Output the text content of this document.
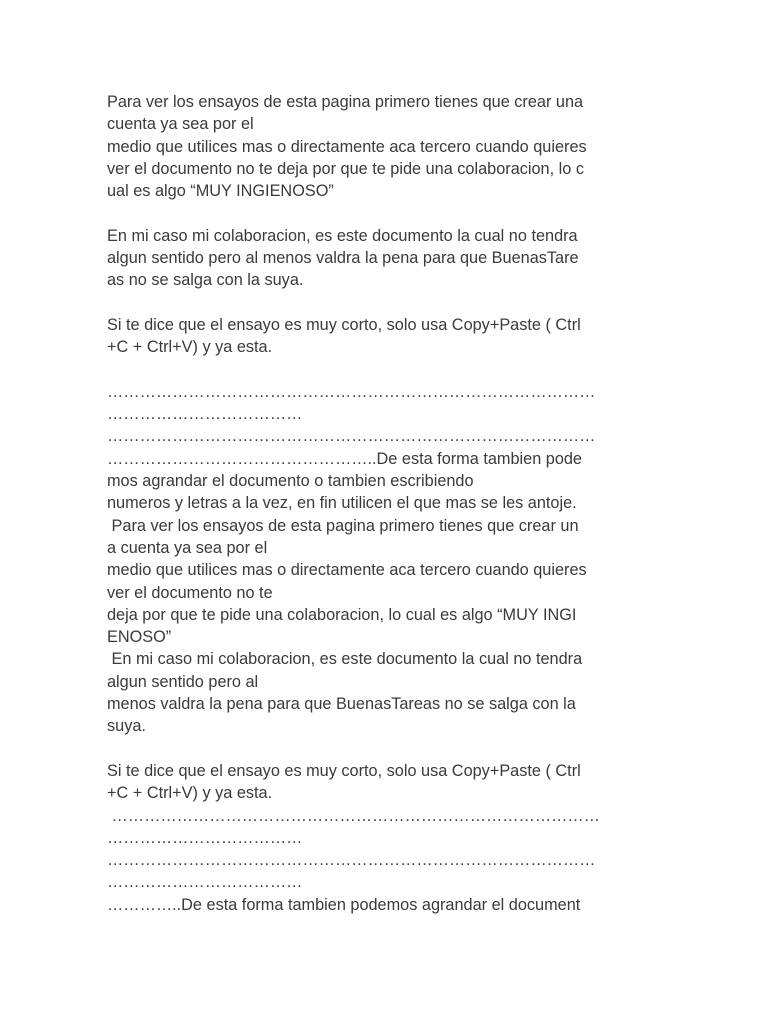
Para ver los ensayos de esta pagina primero tienes que crear una
cuenta ya sea por el
medio que utilices mas o directamente aca tercero cuando quieres
ver el documento no te deja por que te pide una colaboracion, lo c
ual es algo “MUY INGIENOSO”
En mi caso mi colaboracion, es este documento la cual no tendra
algun sentido pero al menos valdra la pena para que BuenasTare
as no se salga con la suya.
Si te dice que el ensayo es muy corto, solo usa Copy+Paste ( Ctrl
+C + Ctrl+V) y ya esta.
………………………………………………………………………………
………………………………
………………………………………………………………………………
…………………………………………..De esta forma tambien pode
mos agrandar el documento o tambien escribiendo
numeros y letras a la vez, en fin utilicen el que mas se les antoje.
Para ver los ensayos de esta pagina primero tienes que crear un
a cuenta ya sea por el
medio que utilices mas o directamente aca tercero cuando quieres
ver el documento no te
deja por que te pide una colaboracion, lo cual es algo “MUY INGI
ENOSO”
En mi caso mi colaboracion, es este documento la cual no tendra
algun sentido pero al
menos valdra la pena para que BuenasTareas no se salga con la
suya.
Si te dice que el ensayo es muy corto, solo usa Copy+Paste ( Ctrl
+C + Ctrl+V) y ya esta.
………………………………………………………………………………
………………………………
………………………………………………………………………………
………………………………
…………..De esta forma tambien podemos agrandar el document
